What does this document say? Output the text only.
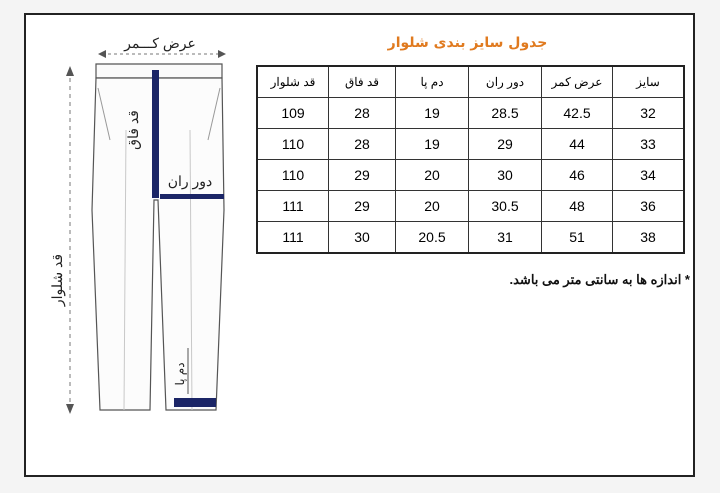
عرض کـــمر
قد شلوار
قد فاق
دور ران
دم پا
جدول سایز بندی شلوار
قد شلوار	قد فاق	دم پا	دور ران	عرض کمر	سایز
109	28	19	28.5	42.5	32
110	28	19	29	44	33
110	29	20	30	46	34
111	29	20	30.5	48	36
111	30	20.5	31	51	38
* اندازه ها به سانتی متر می باشد.
